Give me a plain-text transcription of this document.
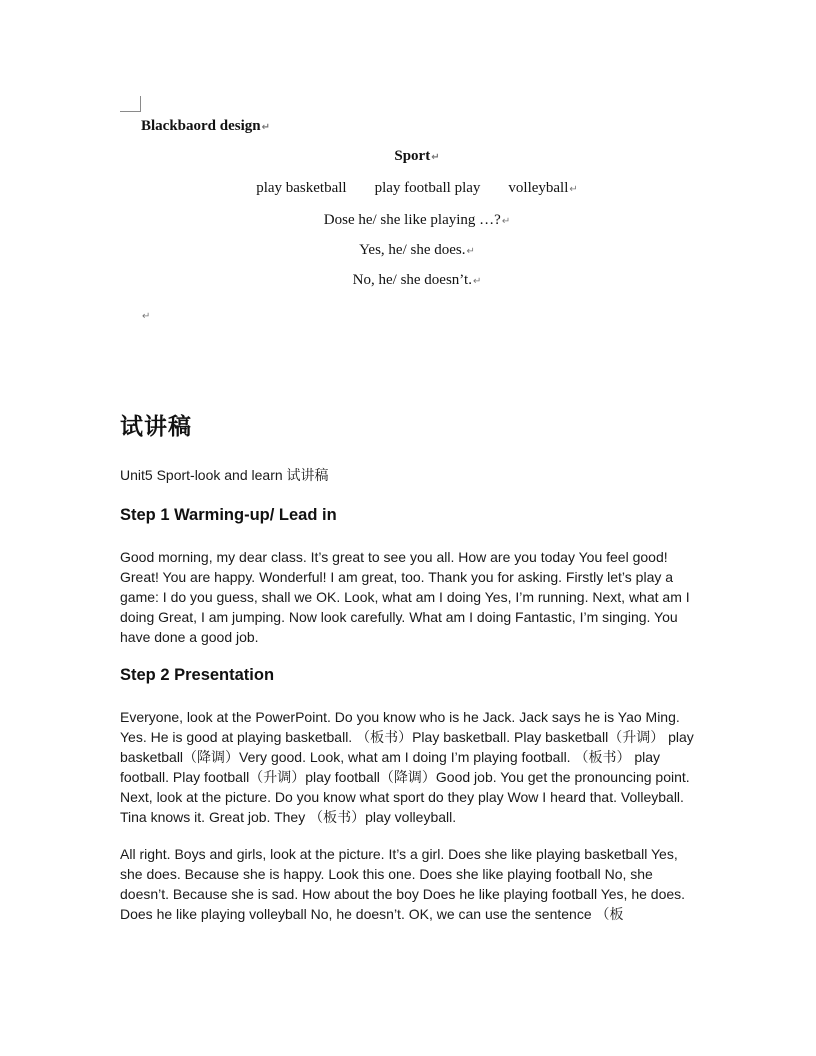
Blackbaord design↵
Sport↵
play basketball play football play volleyball↵
Dose he/ she like playing …?↵
Yes, he/ she does.↵
No, he/ she doesn’t.↵
↵
试讲稿
Unit5 Sport-look and learn 试讲稿
Step 1 Warming-up/ Lead in
Good morning, my dear class. It’s great to see you all. How are you today You feel good! Great! You are happy. Wonderful! I am great, too. Thank you for asking. Firstly let’s play a game: I do you guess, shall we OK. Look, what am I doing Yes, I’m running. Next, what am I doing Great, I am jumping. Now look carefully. What am I doing Fantastic, I’m singing. You have done a good job.
Step 2 Presentation
Everyone, look at the PowerPoint. Do you know who is he Jack. Jack says he is Yao Ming. Yes. He is good at playing basketball. （板书）Play basketball. Play basketball（升调） play basketball（降调）Very good. Look, what am I doing I’m playing football. （板书） play football. Play football（升调）play football（降调）Good job. You get the pronouncing point. Next, look at the picture. Do you know what sport do they play Wow I heard that. Volleyball. Tina knows it. Great job. They （板书）play volleyball.
All right. Boys and girls, look at the picture. It’s a girl. Does she like playing basketball Yes, she does. Because she is happy. Look this one. Does she like playing football No, she doesn’t. Because she is sad. How about the boy Does he like playing football Yes, he does. Does he like playing volleyball No, he doesn’t. OK, we can use the sentence （板
